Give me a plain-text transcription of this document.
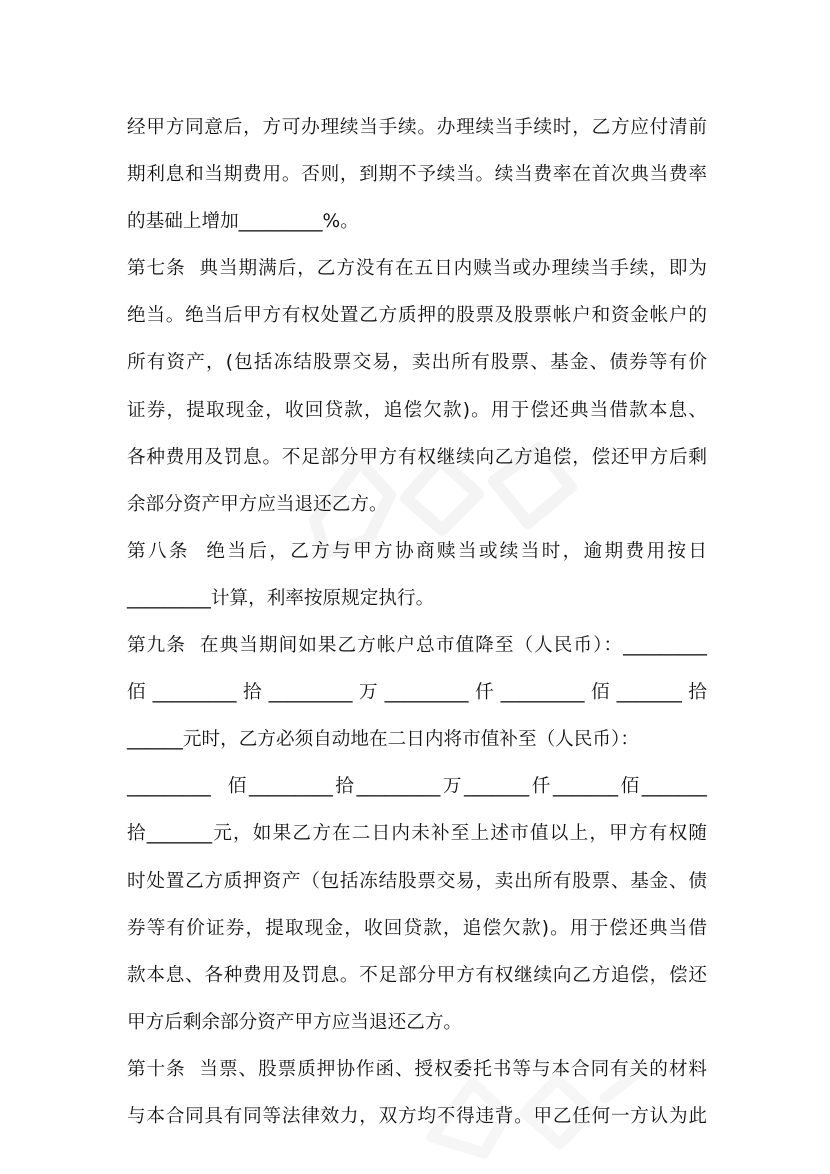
经甲方同意后，方可办理续当手续。办理续当手续时，乙方应付清前
期利息和当期费用。否则，到期不予续当。续当费率在首次典当费率
的基础上增加_________%。
第七条  典当期满后，乙方没有在五日内赎当或办理续当手续，即为
绝当。绝当后甲方有权处置乙方质押的股票及股票帐户和资金帐户的
所有资产，(包括冻结股票交易，卖出所有股票、基金、债券等有价
证券，提取现金，收回贷款，追偿欠款)。用于偿还典当借款本息、
各种费用及罚息。不足部分甲方有权继续向乙方追偿，偿还甲方后剩
余部分资产甲方应当退还乙方。
第八条  绝当后，乙方与甲方协商赎当或续当时，逾期费用按日
_________计算，利率按原规定执行。
第九条  在典当期间如果乙方帐户总市值降至（人民币）：_________
佰 _________ 拾 _________ 万 _________ 仟 _________ 佰 _______ 拾
______元时，乙方必须自动地在二日内将市值补至（人民币）：
_________  佰_________拾_________万_______仟_______佰_______
拾_______元，如果乙方在二日内未补至上述市值以上，甲方有权随
时处置乙方质押资产（包括冻结股票交易，卖出所有股票、基金、债
券等有价证券，提取现金，收回贷款，追偿欠款)。用于偿还典当借
款本息、各种费用及罚息。不足部分甲方有权继续向乙方追偿，偿还
甲方后剩余部分资产甲方应当退还乙方。
第十条  当票、股票质押协作函、授权委托书等与本合同有关的材料
与本合同具有同等法律效力，双方均不得违背。甲乙任何一方认为此
